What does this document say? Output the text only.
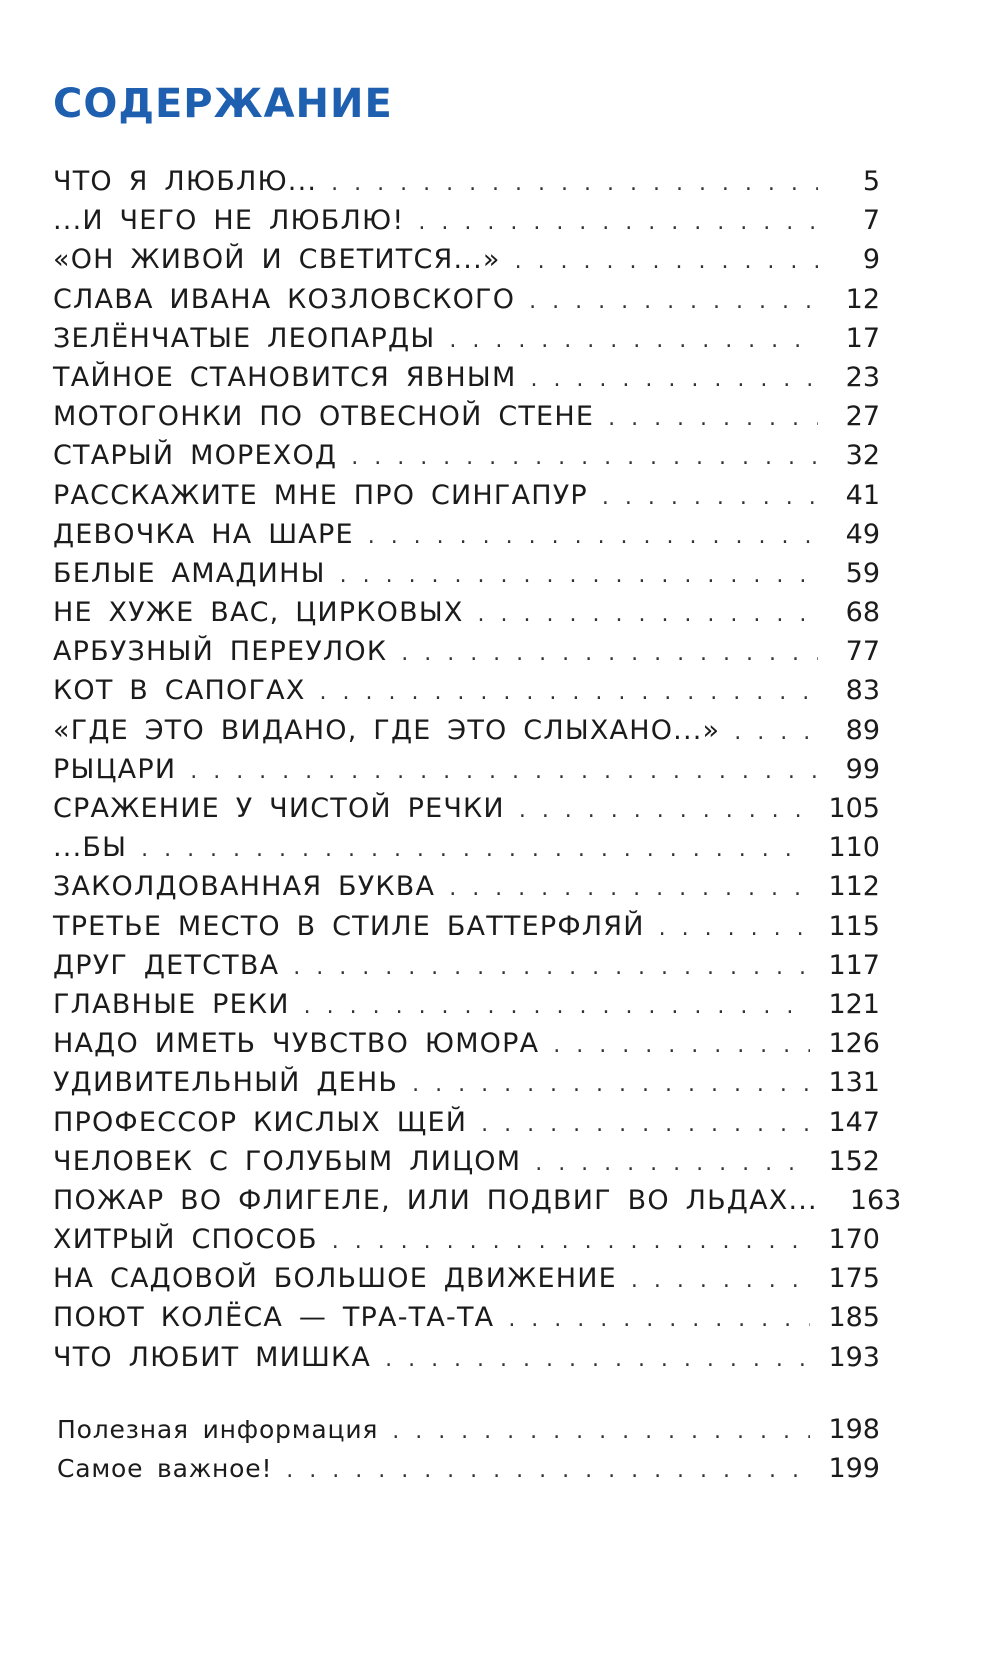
СОДЕРЖАНИЕ
ЧТО Я ЛЮБЛЮ... . . .	5
...И ЧЕГО НЕ ЛЮБЛЮ! . . .	7
«ОН ЖИВОЙ И СВЕТИТСЯ...» . . .	9
СЛАВА ИВАНА КОЗЛОВСКОГО . . .	12
ЗЕЛЁНЧАТЫЕ ЛЕОПАРДЫ . . .	17
ТАЙНОЕ СТАНОВИТСЯ ЯВНЫМ . . .	23
МОТОГОНКИ ПО ОТВЕСНОЙ СТЕНЕ . . .	27
СТАРЫЙ МОРЕХОД . . .	32
РАССКАЖИТЕ МНЕ ПРО СИНГАПУР . . .	41
ДЕВОЧКА НА ШАРЕ . . .	49
БЕЛЫЕ АМАДИНЫ . . .	59
НЕ ХУЖЕ ВАС, ЦИРКОВЫХ . . .	68
АРБУЗНЫЙ ПЕРЕУЛОК . . .	77
КОТ В САПОГАХ . . .	83
«ГДЕ ЭТО ВИДАНО, ГДЕ ЭТО СЛЫХАНО...» . . .	89
РЫЦАРИ . . .	99
СРАЖЕНИЕ У ЧИСТОЙ РЕЧКИ . . .	105
...БЫ . . .	110
ЗАКОЛДОВАННАЯ БУКВА . . .	112
ТРЕТЬЕ МЕСТО В СТИЛЕ БАТТЕРФЛЯЙ . . .	115
ДРУГ ДЕТСТВА . . .	117
ГЛАВНЫЕ РЕКИ . . .	121
НАДО ИМЕТЬ ЧУВСТВО ЮМОРА . . .	126
УДИВИТЕЛЬНЫЙ ДЕНЬ . . .	131
ПРОФЕССОР КИСЛЫХ ЩЕЙ . . .	147
ЧЕЛОВЕК С ГОЛУБЫМ ЛИЦОМ . . .	152
ПОЖАР ВО ФЛИГЕЛЕ, ИЛИ ПОДВИГ ВО ЛЬДАХ... 163
ХИТРЫЙ СПОСОБ . . .	170
НА САДОВОЙ БОЛЬШОЕ ДВИЖЕНИЕ . . .	175
ПОЮТ КОЛЁСА — ТРА-ТА-ТА . . .	185
ЧТО ЛЮБИТ МИШКА . . .	193
Полезная информация . . .	198
Самое важное! . . .	199
